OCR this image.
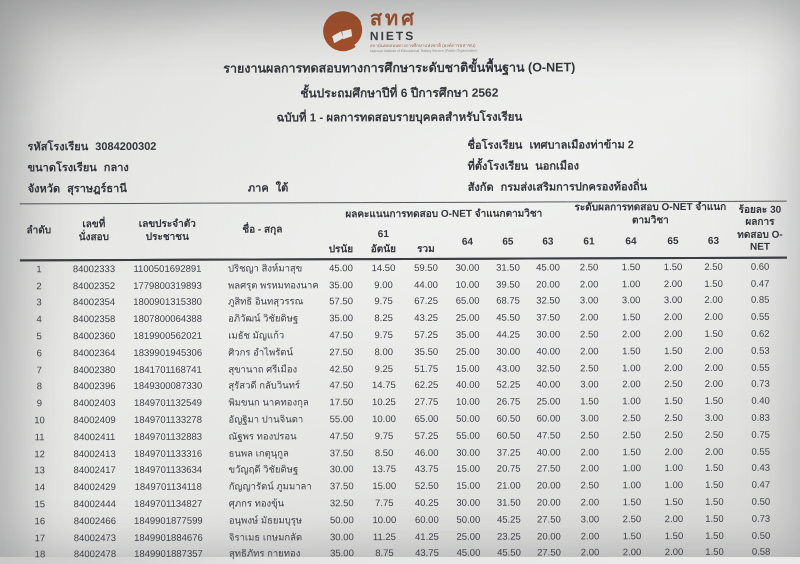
สทศ
NIETS
สถาบันทดสอบทางการศึกษาแห่งชาติ (องค์การมหาชน)
National Institute of Educational Testing Service (Public Organization)
รายงานผลการทดสอบทางการศึกษาระดับชาติขั้นพื้นฐาน (O-NET)
ชั้นประถมศึกษาปีที่ 6 ปีการศึกษา 2562
ฉบับที่ 1 - ผลการทดสอบรายบุคคลสำหรับโรงเรียน
รหัสโรงเรียน 3084200302
ขนาดโรงเรียน กลาง
จังหวัด สุราษฎร์ธานี	ภาค ใต้
ชื่อโรงเรียน เทศบาลเมืองท่าข้าม 2
ที่ตั้งโรงเรียน นอกเมือง
สังกัด กรมส่งเสริมการปกครองท้องถิ่น
ลำดับ	เลขที่
นั่งสอบ	เลขประจำตัว
ประชาชน	ชื่อ - สกุล	ผลคะแนนการทดสอบ O-NET จำแนกตามวิชา						ระดับผลการทดสอบ O-NET จำแนกตามวิชา				ร้อยละ 30 ผลการ
ทดสอบ O-NET
				61			64	65	63	61	64	65	63	
				ปรนัย	อัตนัย	รวม								
1	84002333	1100501692891	ปริชญา สิงห์มาสุข	45.00	14.50	59.50	30.00	31.50	45.00	2.50	1.50	1.50	2.50	0.60
2	84002352	1779800319893	พลศรุต พรหมทองนาค	35.00	9.00	44.00	10.00	39.50	20.00	2.00	1.00	2.00	1.50	0.47
3	84002354	1800901315380	ภูสิทธิ อินทสุวรรณ	57.50	9.75	67.25	65.00	68.75	32.50	3.00	3.00	3.00	2.00	0.85
4	84002358	1807800064388	อภิวัฒน์ วิชัยดิษฐ	35.00	8.25	43.25	25.00	45.50	37.50	2.00	1.50	2.00	2.00	0.55
5	84002360	1819900562021	เมธัช มัญแก้ว	47.50	9.75	57.25	35.00	44.25	30.00	2.50	2.00	2.00	1.50	0.62
6	84002364	1839901945306	ศิวกร อำไพรัตน์	27.50	8.00	35.50	25.00	30.00	40.00	2.00	1.50	1.50	2.00	0.53
7	84002380	1841701168741	สุขานาถ ศรีเมือง	42.50	9.25	51.75	15.00	43.00	32.50	2.50	1.00	2.00	2.00	0.55
8	84002396	1849300087330	สุรัสวดี กลับวินทร์	47.50	14.75	62.25	40.00	52.25	40.00	3.00	2.00	2.50	2.00	0.73
9	84002403	1849701132549	พิมขนก นาคทองกุล	17.50	10.25	27.75	10.00	26.75	25.00	1.50	1.00	1.50	1.50	0.40
10	84002409	1849701133278	อัญฐิมา ปานจินดา	55.00	10.00	65.00	50.00	60.50	60.00	3.00	2.50	2.50	3.00	0.83
11	84002411	1849701132883	ณัฐพร ทองปรอน	47.50	9.75	57.25	55.00	60.50	47.50	2.50	2.50	2.50	2.50	0.75
12	84002413	1849701133316	ธนพล เกตุนุกูล	37.50	8.50	46.00	30.00	37.25	40.00	2.00	1.50	2.00	2.00	0.55
13	84002417	1849701133634	ขวัญฤดี วิชัยดิษฐ	30.00	13.75	43.75	15.00	20.75	27.50	2.00	1.00	1.00	1.50	0.43
14	84002429	1849701134118	กัญญารัตน์ ภูมมาลา	37.50	15.00	52.50	15.00	21.00	20.00	2.50	1.00	1.00	1.50	0.47
15	84002444	1849701134827	ศุภกร ทองขุ้น	32.50	7.75	40.25	30.00	31.50	20.00	2.00	1.50	1.50	1.50	0.50
16	84002466	1849901877599	อนุพงษ์ มัธยมบุรุษ	50.00	10.00	60.00	50.00	45.25	27.50	3.00	2.50	2.00	1.50	0.73
17	84002473	1849901884676	จิราเมธ เกษมกลัด	30.00	11.25	41.25	25.00	23.25	20.00	2.00	1.50	1.50	1.50	0.50
18	84002478	1849901887357	สุทธิภัทร กายทอง	35.00	8.75	43.75	45.00	45.50	27.50	2.00	2.00	2.00	1.50	0.58
